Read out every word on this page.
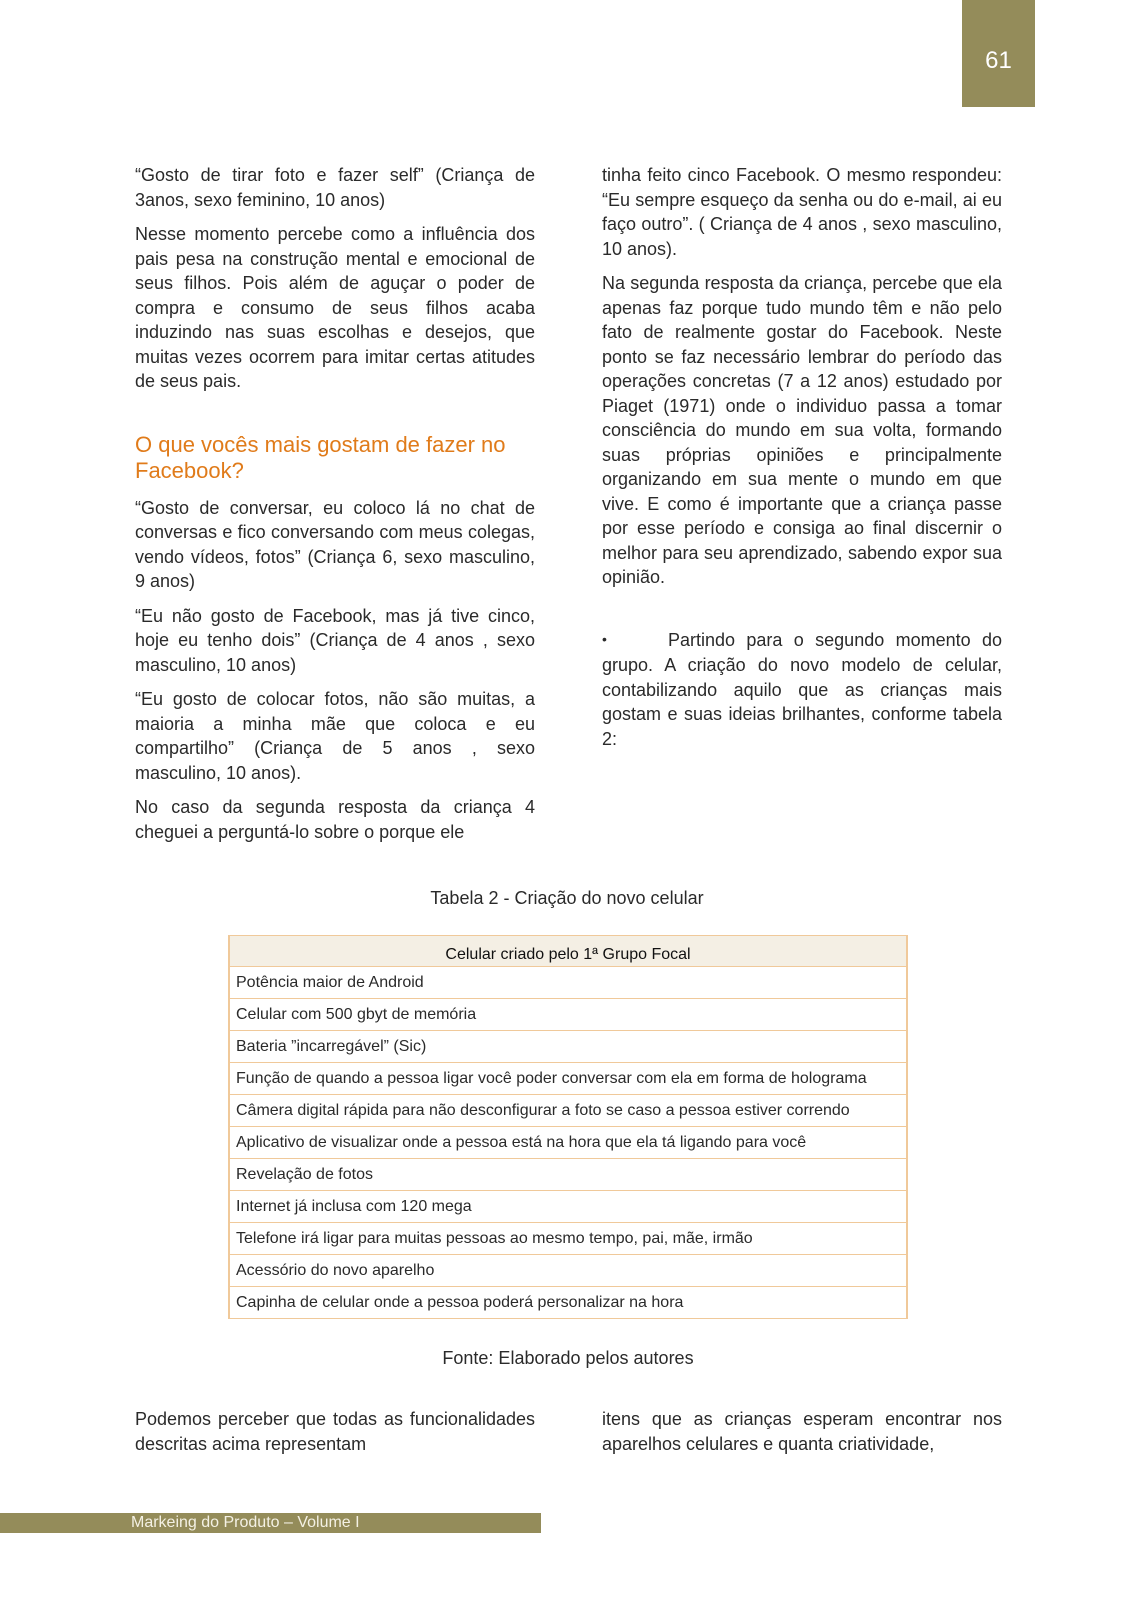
61

“Gosto de tirar foto e fazer self” (Criança de 3anos, sexo feminino, 10 anos)

Nesse momento percebe como a influência dos pais pesa na construção mental e emocional de seus filhos. Pois além de aguçar o poder de compra e consumo de seus filhos acaba induzindo nas suas escolhas e desejos, que muitas vezes ocorrem para imitar certas atitudes de seus pais.

O que vocês mais gostam de fazer no Facebook?

“Gosto de conversar, eu coloco lá no chat de conversas e fico conversando com meus colegas, vendo vídeos, fotos” (Criança 6, sexo masculino, 9 anos)

“Eu não gosto de Facebook, mas já tive cinco, hoje eu tenho dois” (Criança de 4 anos , sexo masculino, 10 anos)

“Eu gosto de colocar fotos, não são muitas, a maioria a minha mãe que coloca e eu compartilho” (Criança de 5 anos , sexo masculino, 10 anos).

No caso da segunda resposta da criança 4 cheguei a perguntá-lo sobre o porque ele

tinha feito cinco Facebook. O mesmo respondeu: “Eu sempre esqueço da senha ou do e-mail, ai eu faço outro”. ( Criança de 4 anos , sexo masculino, 10 anos).

Na segunda resposta da criança, percebe que ela apenas faz porque tudo mundo têm e não pelo fato de realmente gostar do Facebook. Neste ponto se faz necessário lembrar do período das operações concretas (7 a 12 anos) estudado por Piaget (1971) onde o individuo passa a tomar consciência do mundo em sua volta, formando suas próprias opiniões e principalmente organizando em sua mente o mundo em que vive. E como é importante que a criança passe por esse período e consiga ao final discernir o melhor para seu aprendizado, sabendo expor sua opinião.

•Partindo para o segundo momento do grupo. A criação do novo modelo de celular, contabilizando aquilo que as crianças mais gostam e suas ideias brilhantes, conforme tabela 2:

Tabela 2 - Criação do novo celular
Celular criado pelo 1ª Grupo Focal
Potência maior de Android
Celular com 500 gbyt de memória
Bateria ”incarregável” (Sic)
Função de quando a pessoa ligar você poder conversar com ela em forma de holograma
Câmera digital rápida para não desconfigurar a foto se caso a pessoa estiver correndo
Aplicativo de visualizar onde a pessoa está na hora que ela tá ligando para você
Revelação de fotos
Internet já inclusa com 120 mega
Telefone irá ligar para muitas pessoas ao mesmo tempo, pai, mãe, irmão
Acessório do novo aparelho
Capinha de celular onde a pessoa poderá personalizar na hora
Fonte: Elaborado pelos autores

Podemos perceber que todas as funcionalidades descritas acima representam

itens que as crianças esperam encontrar nos aparelhos celulares e quanta criatividade,

Markeing do Produto – Volume I
